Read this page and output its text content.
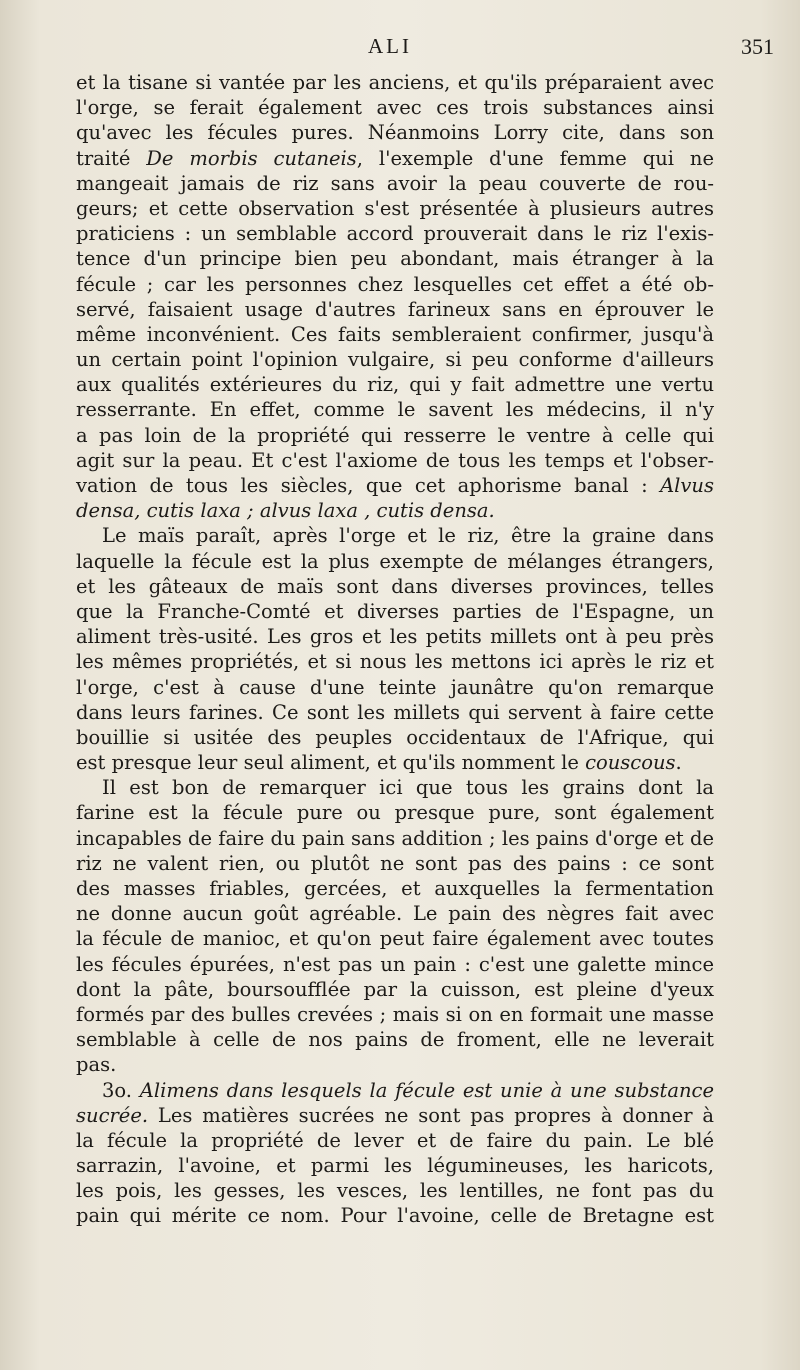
ALI	351
et la tisane si vantée par les anciens, et qu'ils préparaient avec
l'orge, se ferait également avec ces trois substances ainsi
qu'avec les fécules pures. Néanmoins Lorry cite, dans son
traité De morbis cutaneis, l'exemple d'une femme qui ne
mangeait jamais de riz sans avoir la peau couverte de rou-
geurs; et cette observation s'est présentée à plusieurs autres
praticiens : un semblable accord prouverait dans le riz l'exis-
tence d'un principe bien peu abondant, mais étranger à la
fécule ; car les personnes chez lesquelles cet effet a été ob-
servé, faisaient usage d'autres farineux sans en éprouver le
même inconvénient. Ces faits sembleraient confirmer, jusqu'à
un certain point l'opinion vulgaire, si peu conforme d'ailleurs
aux qualités extérieures du riz, qui y fait admettre une vertu
resserrante. En effet, comme le savent les médecins, il n'y
a pas loin de la propriété qui resserre le ventre à celle qui
agit sur la peau. Et c'est l'axiome de tous les temps et l'obser-
vation de tous les siècles, que cet aphorisme banal : Alvus
densa, cutis laxa ; alvus laxa , cutis densa.
Le maïs paraît, après l'orge et le riz, être la graine dans
laquelle la fécule est la plus exempte de mélanges étrangers,
et les gâteaux de maïs sont dans diverses provinces, telles
que la Franche-Comté et diverses parties de l'Espagne, un
aliment très-usité. Les gros et les petits millets ont à peu près
les mêmes propriétés, et si nous les mettons ici après le riz et
l'orge, c'est à cause d'une teinte jaunâtre qu'on remarque
dans leurs farines. Ce sont les millets qui servent à faire cette
bouillie si usitée des peuples occidentaux de l'Afrique, qui
est presque leur seul aliment, et qu'ils nomment le couscous.
Il est bon de remarquer ici que tous les grains dont la
farine est la fécule pure ou presque pure, sont également
incapables de faire du pain sans addition ; les pains d'orge et de
riz ne valent rien, ou plutôt ne sont pas des pains : ce sont
des masses friables, gercées, et auxquelles la fermentation
ne donne aucun goût agréable. Le pain des nègres fait avec
la fécule de manioc, et qu'on peut faire également avec toutes
les fécules épurées, n'est pas un pain : c'est une galette mince
dont la pâte, boursoufflée par la cuisson, est pleine d'yeux
formés par des bulles crevées ; mais si on en formait une masse
semblable à celle de nos pains de froment, elle ne leverait
pas.
3o. Alimens dans lesquels la fécule est unie à une substance
sucrée. Les matières sucrées ne sont pas propres à donner à
la fécule la propriété de lever et de faire du pain. Le blé
sarrazin, l'avoine, et parmi les légumineuses, les haricots,
les pois, les gesses, les vesces, les lentilles, ne font pas du
pain qui mérite ce nom. Pour l'avoine, celle de Bretagne est
